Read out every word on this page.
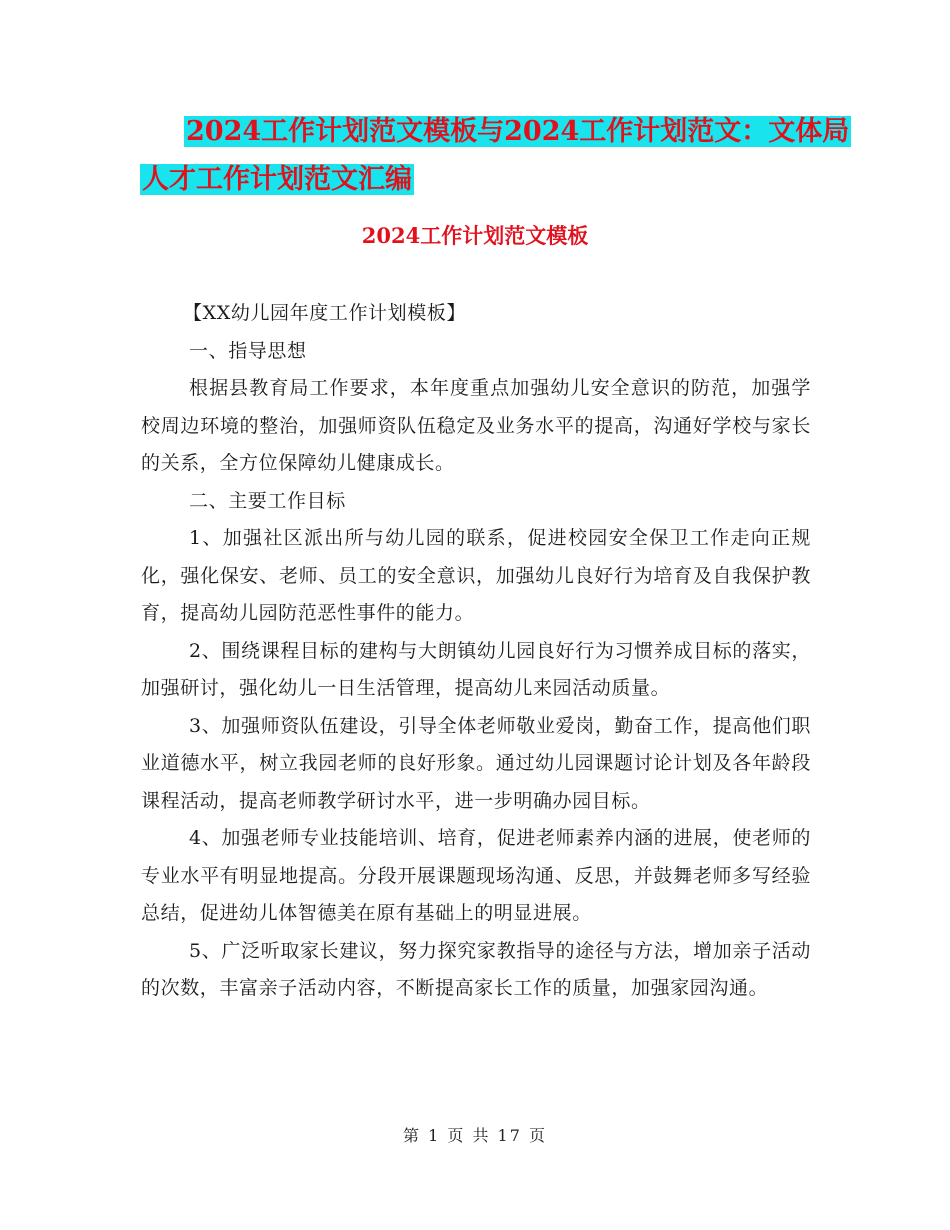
2024工作计划范文模板与2024工作计划范文：文体局
人才工作计划范文汇编
2024工作计划范文模板

【XX幼儿园年度工作计划模板】

一、指导思想

根据县教育局工作要求，本年度重点加强幼儿安全意识的防范，加强学校周边环境的整治，加强师资队伍稳定及业务水平的提高，沟通好学校与家长的关系，全方位保障幼儿健康成长。

二、主要工作目标

1、加强社区派出所与幼儿园的联系，促进校园安全保卫工作走向正规化，强化保安、老师、员工的安全意识，加强幼儿良好行为培育及自我保护教育，提高幼儿园防范恶性事件的能力。

2、围绕课程目标的建构与大朗镇幼儿园良好行为习惯养成目标的落实，加强研讨，强化幼儿一日生活管理，提高幼儿来园活动质量。

3、加强师资队伍建设，引导全体老师敬业爱岗，勤奋工作，提高他们职业道德水平，树立我园老师的良好形象。通过幼儿园课题讨论计划及各年龄段课程活动，提高老师教学研讨水平，进一步明确办园目标。

4、加强老师专业技能培训、培育，促进老师素养内涵的进展，使老师的专业水平有明显地提高。分段开展课题现场沟通、反思，并鼓舞老师多写经验总结，促进幼儿体智德美在原有基础上的明显进展。

5、广泛听取家长建议，努力探究家教指导的途径与方法，增加亲子活动的次数，丰富亲子活动内容，不断提高家长工作的质量，加强家园沟通。

第 1 页 共 17 页
